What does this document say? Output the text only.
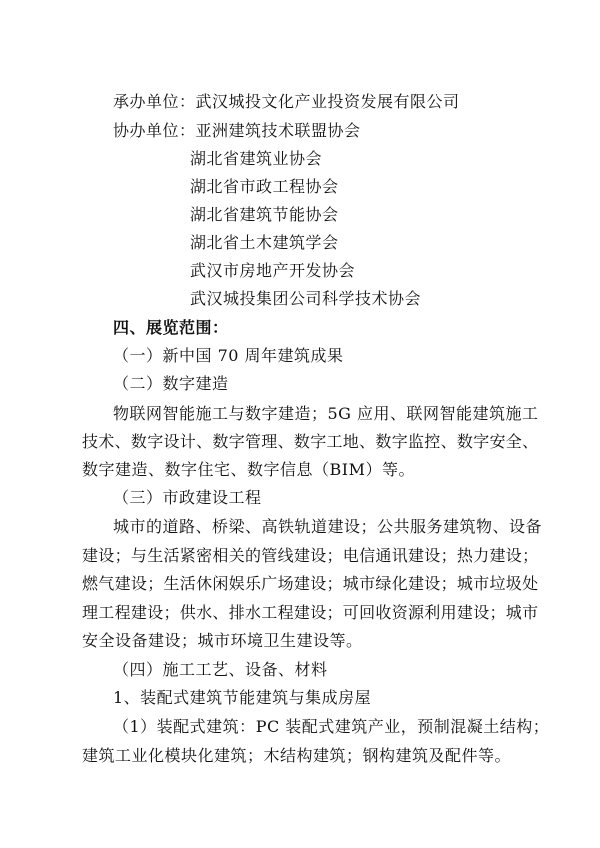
承办单位：武汉城投文化产业投资发展有限公司
协办单位：亚洲建筑技术联盟协会
湖北省建筑业协会
湖北省市政工程协会
湖北省建筑节能协会
湖北省土木建筑学会
武汉市房地产开发协会
武汉城投集团公司科学技术协会
四、展览范围：
（一）新中国 70 周年建筑成果
（二）数字建造
物联网智能施工与数字建造；5G 应用、联网智能建筑施工
技术、数字设计、数字管理、数字工地、数字监控、数字安全、
数字建造、数字住宅、数字信息（BIM）等。
（三）市政建设工程
城市的道路、桥梁、高铁轨道建设；公共服务建筑物、设备
建设；与生活紧密相关的管线建设；电信通讯建设；热力建设；
燃气建设；生活休闲娱乐广场建设；城市绿化建设；城市垃圾处
理工程建设；供水、排水工程建设；可回收资源利用建设；城市
安全设备建设；城市环境卫生建设等。
（四）施工工艺、设备、材料
1、装配式建筑节能建筑与集成房屋
（1）装配式建筑：PC 装配式建筑产业，预制混凝土结构；
建筑工业化模块化建筑；木结构建筑；钢构建筑及配件等。
